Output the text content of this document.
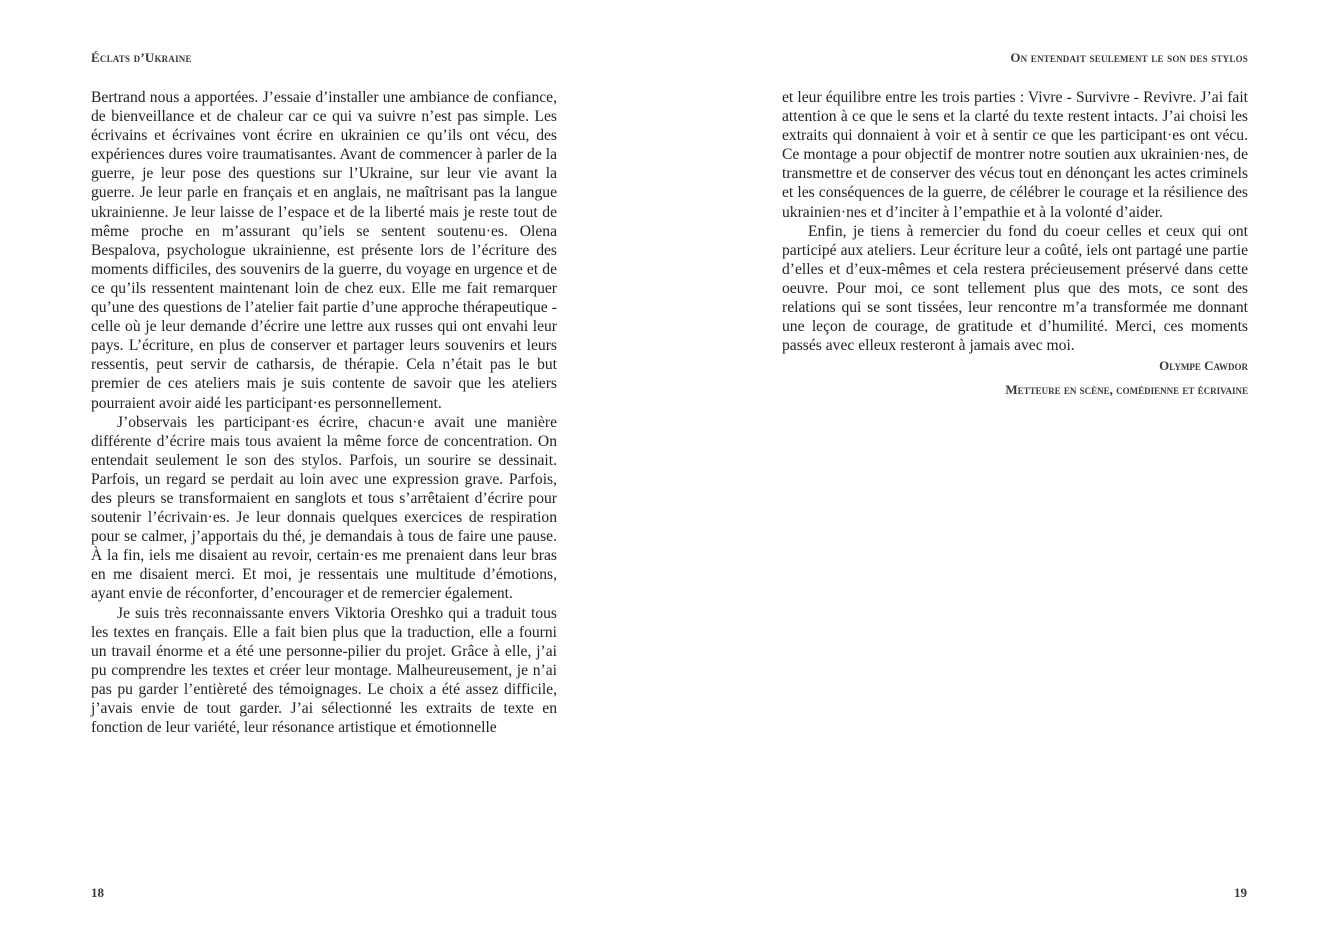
Éclats d’Ukraine

Bertrand nous a apportées. J’essaie d’installer une ambiance de confiance, de bienveillance et de chaleur car ce qui va suivre n’est pas simple. Les écrivains et écrivaines vont écrire en ukrainien ce qu’ils ont vécu, des expériences dures voire traumatisantes. Avant de commencer à parler de la guerre, je leur pose des questions sur l’Ukraine, sur leur vie avant la guerre. Je leur parle en français et en anglais, ne maîtrisant pas la langue ukrainienne. Je leur laisse de l’espace et de la liberté mais je reste tout de même proche en m’assurant qu’iels se sentent soutenu·es. Olena Bespalova, psychologue ukrainienne, est présente lors de l’écriture des moments difficiles, des souvenirs de la guerre, du voyage en urgence et de ce qu’ils ressentent maintenant loin de chez eux. Elle me fait remarquer qu’une des questions de l’atelier fait partie d’une approche thérapeutique - celle où je leur demande d’écrire une lettre aux russes qui ont envahi leur pays. L’écriture, en plus de conserver et partager leurs souvenirs et leurs ressentis, peut servir de catharsis, de thérapie. Cela n’était pas le but premier de ces ateliers mais je suis contente de savoir que les ateliers pourraient avoir aidé les participant·es personnellement.

J’observais les participant·es écrire, chacun·e avait une manière différente d’écrire mais tous avaient la même force de concentration. On entendait seulement le son des stylos. Parfois, un sourire se dessinait. Parfois, un regard se perdait au loin avec une expression grave. Parfois, des pleurs se transformaient en sanglots et tous s’arrêtaient d’écrire pour soutenir l’écrivain·es. Je leur donnais quelques exercices de respiration pour se calmer, j’apportais du thé, je demandais à tous de faire une pause. À la fin, iels me disaient au revoir, certain·es me prenaient dans leur bras en me disaient merci. Et moi, je ressentais une multitude d’émotions, ayant envie de réconforter, d’encourager et de remercier également.

Je suis très reconnaissante envers Viktoria Oreshko qui a traduit tous les textes en français. Elle a fait bien plus que la traduction, elle a fourni un travail énorme et a été une personne-pilier du projet. Grâce à elle, j’ai pu comprendre les textes et créer leur montage. Malheureusement, je n’ai pas pu garder l’entièreté des témoignages. Le choix a été assez difficile, j’avais envie de tout garder. J’ai sélectionné les extraits de texte en fonction de leur variété, leur résonance artistique et émotionnelle

18
On entendait seulement le son des stylos

et leur équilibre entre les trois parties : Vivre - Survivre - Revivre. J’ai fait attention à ce que le sens et la clarté du texte restent intacts. J’ai choisi les extraits qui donnaient à voir et à sentir ce que les participant·es ont vécu. Ce montage a pour objectif de montrer notre soutien aux ukrainien·nes, de transmettre et de conserver des vécus tout en dénonçant les actes criminels et les conséquences de la guerre, de célébrer le courage et la résilience des ukrainien·nes et d’inciter à l’empathie et à la volonté d’aider.

Enfin, je tiens à remercier du fond du coeur celles et ceux qui ont participé aux ateliers. Leur écriture leur a coûté, iels ont partagé une partie d’elles et d’eux-mêmes et cela restera précieusement préservé dans cette oeuvre. Pour moi, ce sont tellement plus que des mots, ce sont des relations qui se sont tissées, leur rencontre m’a transformée me donnant une leçon de courage, de gratitude et d’humilité. Merci, ces moments passés avec elleux resteront à jamais avec moi.

Olympe Cawdor
Metteure en scène, comédienne et écrivaine
19
